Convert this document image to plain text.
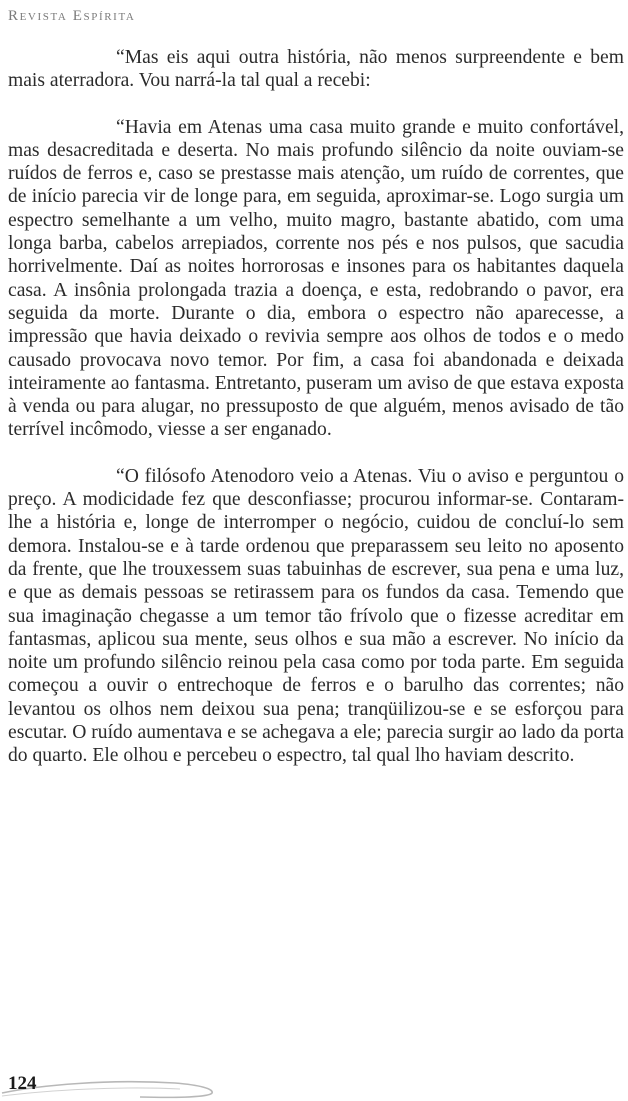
Revista Espírita

“Mas eis aqui outra história, não menos surpreendente e bem mais aterradora. Vou narrá-la tal qual a recebi:

“Havia em Atenas uma casa muito grande e muito confortável, mas desacreditada e deserta. No mais profundo silêncio da noite ouviam-se ruídos de ferros e, caso se prestasse mais atenção, um ruído de correntes, que de início parecia vir de longe para, em seguida, aproximar-se. Logo surgia um espectro semelhante a um velho, muito magro, bastante abatido, com uma longa barba, cabelos arrepiados, corrente nos pés e nos pulsos, que sacudia horrivelmente. Daí as noites horrorosas e insones para os habitantes daquela casa. A insônia prolongada trazia a doença, e esta, redobrando o pavor, era seguida da morte. Durante o dia, embora o espectro não aparecesse, a impressão que havia deixado o revivia sempre aos olhos de todos e o medo causado provocava novo temor. Por fim, a casa foi abandonada e deixada inteiramente ao fantasma. Entretanto, puseram um aviso de que estava exposta à venda ou para alugar, no pressuposto de que alguém, menos avisado de tão terrível incômodo, viesse a ser enganado.

“O filósofo Atenodoro veio a Atenas. Viu o aviso e perguntou o preço. A modicidade fez que desconfiasse; procurou informar-se. Contaram-lhe a história e, longe de interromper o negócio, cuidou de concluí-lo sem demora. Instalou-se e à tarde ordenou que preparassem seu leito no aposento da frente, que lhe trouxessem suas tabuinhas de escrever, sua pena e uma luz, e que as demais pessoas se retirassem para os fundos da casa. Temendo que sua imaginação chegasse a um temor tão frívolo que o fizesse acreditar em fantasmas, aplicou sua mente, seus olhos e sua mão a escrever. No início da noite um profundo silêncio reinou pela casa como por toda parte. Em seguida começou a ouvir o entrechoque de ferros e o barulho das correntes; não levantou os olhos nem deixou sua pena; tranqüilizou-se e se esforçou para escutar. O ruído aumentava e se achegava a ele; parecia surgir ao lado da porta do quarto. Ele olhou e percebeu o espectro, tal qual lho haviam descrito.

124
